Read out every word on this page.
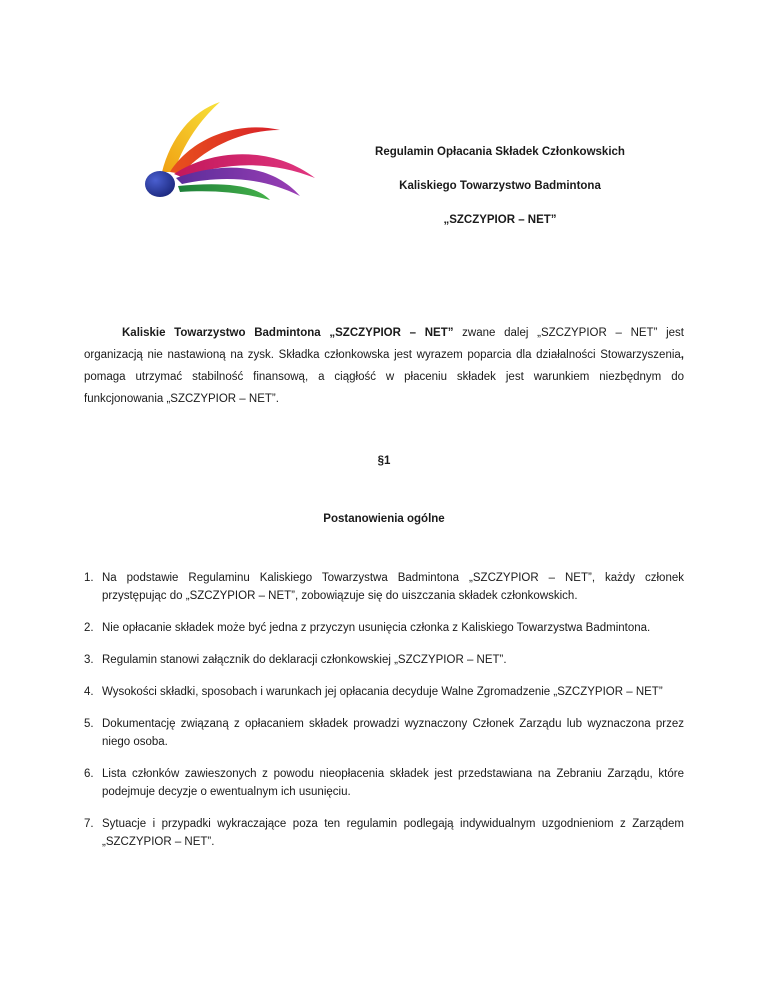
Regulamin Opłacania Składek Członkowskich
Kaliskiego Towarzystwo Badmintona
„SZCZYPIOR – NET”

Kaliskie Towarzystwo Badmintona „SZCZYPIOR – NET” zwane dalej „SZCZYPIOR – NET” jest organizacją nie nastawioną na zysk. Składka członkowska jest wyrazem poparcia dla działalności Stowarzyszenia, pomaga utrzymać stabilność finansową, a ciągłość w płaceniu składek jest warunkiem niezbędnym do funkcjonowania „SZCZYPIOR – NET”.

§1
Postanowienia ogólne
1. Na podstawie Regulaminu Kaliskiego Towarzystwa Badmintona „SZCZYPIOR – NET”, każdy członek przystępując do „SZCZYPIOR – NET”, zobowiązuje się do uiszczania składek członkowskich.
2. Nie opłacanie składek może być jedna z przyczyn usunięcia członka z Kaliskiego Towarzystwa Badmintona.
3. Regulamin stanowi załącznik do deklaracji członkowskiej „SZCZYPIOR – NET”.
4. Wysokości składki, sposobach i warunkach jej opłacania decyduje Walne Zgromadzenie „SZCZYPIOR – NET”
5. Dokumentację związaną z opłacaniem składek prowadzi wyznaczony Członek Zarządu lub wyznaczona przez niego osoba.
6. Lista członków zawieszonych z powodu nieopłacenia składek jest przedstawiana na Zebraniu Zarządu, które podejmuje decyzje o ewentualnym ich usunięciu.
7. Sytuacje i przypadki wykraczające poza ten regulamin podlegają indywidualnym uzgodnieniom z Zarządem „SZCZYPIOR – NET”.
